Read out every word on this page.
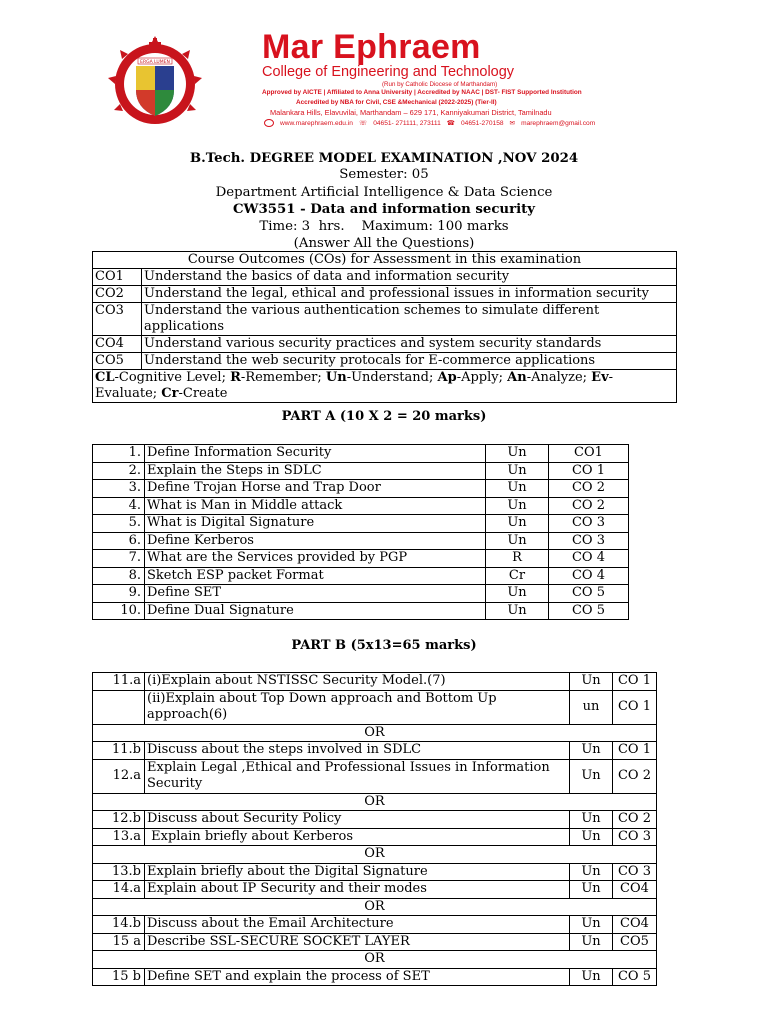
ERGA LUMEN	Mar Ephraem
College of Engineering and Technology
(Run by Catholic Diocese of Marthandam)
Approved by AICTE | Affiliated to Anna University | Accredited by NAAC | DST- FIST Supported Institution
Accredited by NBA for Civil, CSE &Mechanical (2022-2025) (Tier-II)
Malankara Hills, Elavuvilai, Marthandam – 629 171, Kanniyakumari District, Tamilnadu
www.marephraem.edu.in ☏ 04651- 271111, 273111 ☎ 04651-270158 ✉ marephraem@gmail.com
B.Tech. DEGREE MODEL EXAMINATION ,NOV 2024
Semester: 05
Department Artificial Intelligence & Data Science
CW3551 - Data and information security
Time: 3  hrs.    Maximum: 100 marks
(Answer All the Questions)
Course Outcomes (COs) for Assessment in this examination	
CO1	Understand the basics of data and information security
CO2	Understand the legal, ethical and professional issues in information security
CO3	Understand the various authentication schemes to simulate different applications
CO4	Understand various security practices and system security standards
CO5	Understand the web security protocals for E-commerce applications
CL-Cognitive Level; R-Remember; Un-Understand; Ap-Apply; An-Analyze; Ev-Evaluate; Cr-Create	
PART A (10 X 2 = 20 marks)
1.	Define Information Security	Un	CO1
2.	Explain the Steps in SDLC	Un	CO 1
3.	Define Trojan Horse and Trap Door	Un	CO 2
4.	What is Man in Middle attack	Un	CO 2
5.	What is Digital Signature	Un	CO 3
6.	Define Kerberos	Un	CO 3
7.	What are the Services provided by PGP	R	CO 4
8.	Sketch ESP packet Format	Cr	CO 4
9.	Define SET	Un	CO 5
10.	Define Dual Signature	Un	CO 5
PART B (5x13=65 marks)
11.a	(i)Explain about NSTISSC Security Model.(7)	Un	CO 1
	(ii)Explain about Top Down approach and Bottom Up approach(6)	un	CO 1
OR			
11.b	Discuss about the steps involved in SDLC	Un	CO 1
12.a	Explain Legal ,Ethical and Professional Issues in Information Security	Un	CO 2
OR			
12.b	Discuss about Security Policy	Un	CO 2
13.a	Explain briefly about Kerberos	Un	CO 3
OR			
13.b	Explain briefly about the Digital Signature	Un	CO 3
14.a	Explain about IP Security and their modes	Un	CO4
OR			
14.b	Discuss about the Email Architecture	Un	CO4
15 a	Describe SSL-SECURE SOCKET LAYER	Un	CO5
OR			
15 b	Define SET and explain the process of SET	Un	CO 5
